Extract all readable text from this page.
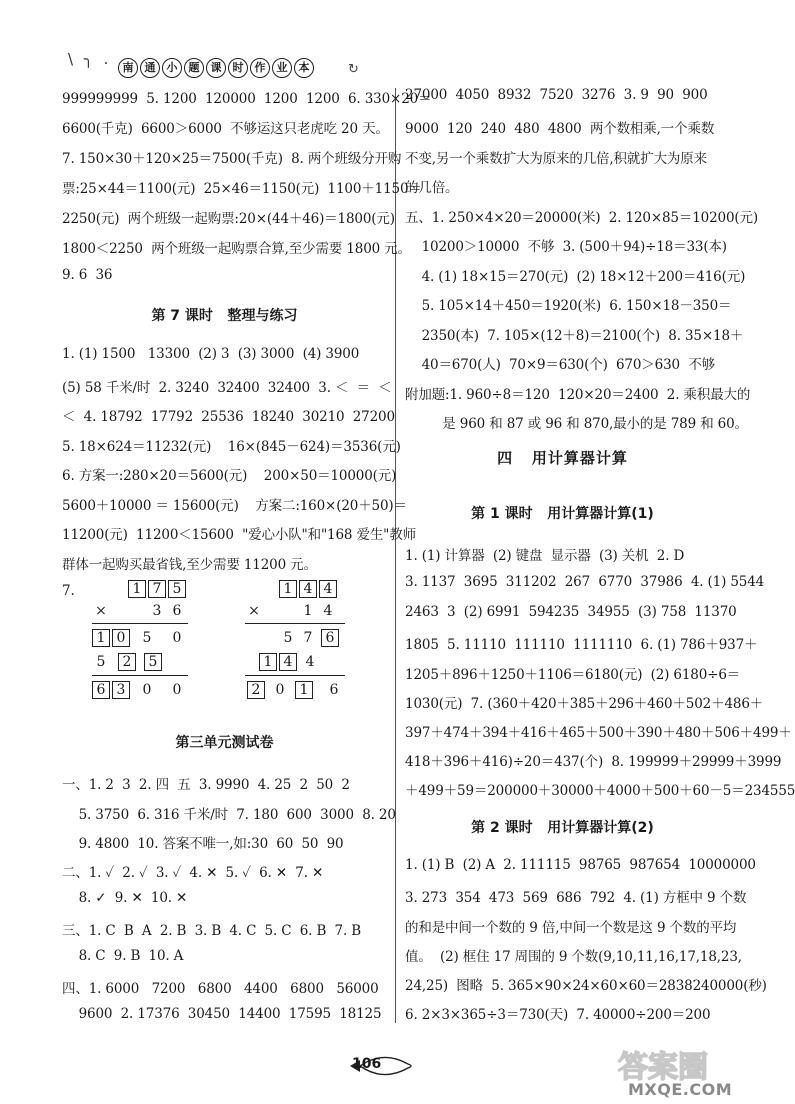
\ ╮ .	南	通	小	题	课	时	作	业	本	↻
999999999  5. 1200  120000  1200  1200  6. 330×20＝
6600(千克)  6600＞6000  不够运这只老虎吃 20 天。
7. 150×30＋120×25＝7500(千克)  8. 两个班级分开购
票:25×44＝1100(元)  25×46＝1150(元)  1100＋1150＝
2250(元)  两个班级一起购票:20×(44＋46)＝1800(元)
1800＜2250  两个班级一起购票合算,至少需要 1800 元。
9. 6  36
第 7 课时   整理与练习
1. (1) 1500   13300  (2) 3  (3) 3000  (4) 3900
(5) 58 千米/时  2. 3240  32400  32400  3. ＜  ＝  ＜
＜  4. 18792  17792  25536  18240  30210  27200
5. 18×624＝11232(元)    16×(845－624)＝3536(元)
6. 方案一:280×20＝5600(元)    200×50＝10000(元)
5600＋10000 ＝ 15600(元)    方案二:160×(20＋50)＝
11200(元)  11200＜15600  "爱心小队"和"168 爱生"教师
群体一起购买最省钱,至少需要 11200 元。
7.	1 7 5
×	3 6
1 0	5	0
5	2	5
6 3	0	0
1 4 4
×	1 4
5 7 6
1 4 4
2	0	1	6
第三单元测试卷
一、1. 2  3  2. 四  五  3. 9990  4. 25  2  50  2
5. 3750  6. 316 千米/时  7. 180  600  3000  8. 20
9. 4800  10. 答案不唯一,如:30  60  50  90
二、1. ✓  2. ✓  3. ✓  4. ✕  5. ✓  6. ✕  7. ✕
8. ✓  9. ✕  10. ✕
三、1. C  B  A  2. B  3. B  4. C  5. C  6. B  7. B
8. C  9. B  10. A
四、1. 6000   7200   6800   4400   6800   56000
9600  2. 17376  30450  14400  17595  18125
27000  4050  8932  7520  3276  3. 9  90  900
9000  120  240  480  4800  两个数相乘,一个乘数
不变,另一个乘数扩大为原来的几倍,积就扩大为原来
的几倍。
五、1. 250×4×20＝20000(米)  2. 120×85＝10200(元)
10200＞10000  不够  3. (500＋94)÷18＝33(本)
4. (1) 18×15＝270(元)  (2) 18×12＋200＝416(元)
5. 105×14＋450＝1920(米)  6. 150×18－350＝
2350(本)  7. 105×(12＋8)＝2100(个)  8. 35×18＋
40＝670(人)  70×9＝630(个)  670＞630  不够
附加题:1. 960÷8＝120  120×20＝2400  2. 乘积最大的
是 960 和 87 或 96 和 870,最小的是 789 和 60。
四   用计算器计算
第 1 课时   用计算器计算(1)
1. (1) 计算器  (2) 键盘  显示器  (3) 关机  2. D
3. 1137  3695  311202  267  6770  37986  4. (1) 5544
2463  3  (2) 6991  594235  34955  (3) 758  11370
1805  5. 11110  111110  1111110  6. (1) 786＋937＋
1205＋896＋1250＋1106＝6180(元)  (2) 6180÷6＝
1030(元)  7. (360＋420＋385＋296＋460＋502＋486＋
397＋474＋394＋416＋465＋500＋390＋480＋506＋499＋
418＋396＋416)÷20＝437(个)  8. 199999＋29999＋3999
＋499＋59＝200000＋30000＋4000＋500＋60－5＝234555
第 2 课时   用计算器计算(2)
1. (1) B  (2) A  2. 111115  98765  987654  10000000
3. 273  354  473  569  686  792  4. (1) 方框中 9 个数
的和是中间一个数的 9 倍,中间一个数是这 9 个数的平均
值。  (2) 框住 17 周围的 9 个数(9,10,11,16,17,18,23,
24,25)  图略  5. 365×90×24×60×60＝2838240000(秒)
6. 2×3×365÷3＝730(天)  7. 40000÷200＝200
106	答案圈
MXQE.COM
